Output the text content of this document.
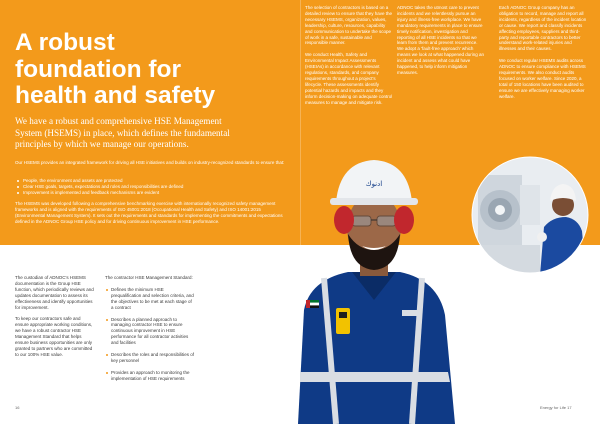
A robust
foundation for
health and safety
We have a robust and comprehensive HSE Management
System (HSEMS) in place, which defines the fundamental
principles by which we manage our operations.

Our HSEMS provides an integrated framework for driving all HSE initiatives and builds on industry-recognized standards to ensure that:

People, the environment and assets are protected
Clear HSE goals, targets, expectations and roles and responsibilities are defined
Improvement is implemented and feedback mechanisms are evident

The HSEMS was developed following a comprehensive benchmarking exercise with internationally recognized safety management frameworks and is aligned with the requirements of ISO 45001:2018 (Occupational Health and Safety) and ISO 14001:2015 (Environmental Management System). It sets out the requirements and standards for implementing the commitments and expectations defined in the ADNOC Group HSE policy and for driving continuous improvement in HSE performance.

The selection of contractors is based on a detailed review to ensure that they have the necessary HSEMS, organization, values, leadership, culture, resources, capability and communication to undertake the scope of work in a safe, sustainable and responsible manner.

We conduct Health, Safety and Environmental Impact Assessments (HSEIAs) in accordance with relevant regulations, standards, and company requirements throughout a project's lifecycle. These assessments identify potential hazards and impacts and they inform decision-making on adequate control measures to manage and mitigate risk.

ADNOC takes the utmost care to prevent incidents and we relentlessly pursue an injury and illness-free workplace. We have mandatory requirements in place to ensure timely notification, investigation and reporting of all HSE incidents so that we learn from them and prevent recurrence. We adopt a 'fault-free approach' which means we look at what happened during an incident and assess what could have happened, to help inform mitigation measures.

Each ADNOC Group company has an obligation to record, manage and report all incidents, regardless of the incident location or cause. We report and classify incidents affecting employees, suppliers and third-party and reportable contractors to better understand work-related injuries and illnesses and their causes.

We conduct regular HSEMS audits across ADNOC to ensure compliance with HSEMS requirements. We also conduct audits focused on worker welfare. Since 2020, a total of 150 locations have been audited to ensure we are effectively managing worker welfare.

The custodian of ADNOC's HSEMS documentation is the Group HSE function, which periodically reviews and updates documentation to assess its effectiveness and identify opportunities for improvement.

To keep our contractors safe and ensure appropriate working conditions, we have a robust contractor HSE Management Standard that helps ensure business opportunities are only granted to partners who are committed to our 100% HSE value.

The contractor HSE Management Standard:

Defines the minimum HSE prequalification and selection criteria, and the objectives to be met at each stage of a contract
Describes a planned approach to managing contractor HSE to ensure continuous improvement in HSE performance for all contractor activities and facilities
Describes the roles and responsibilities of key personnel
Provides an approach to monitoring the implementation of HSE requirements
16	Energy for Life 17
ادنوك
